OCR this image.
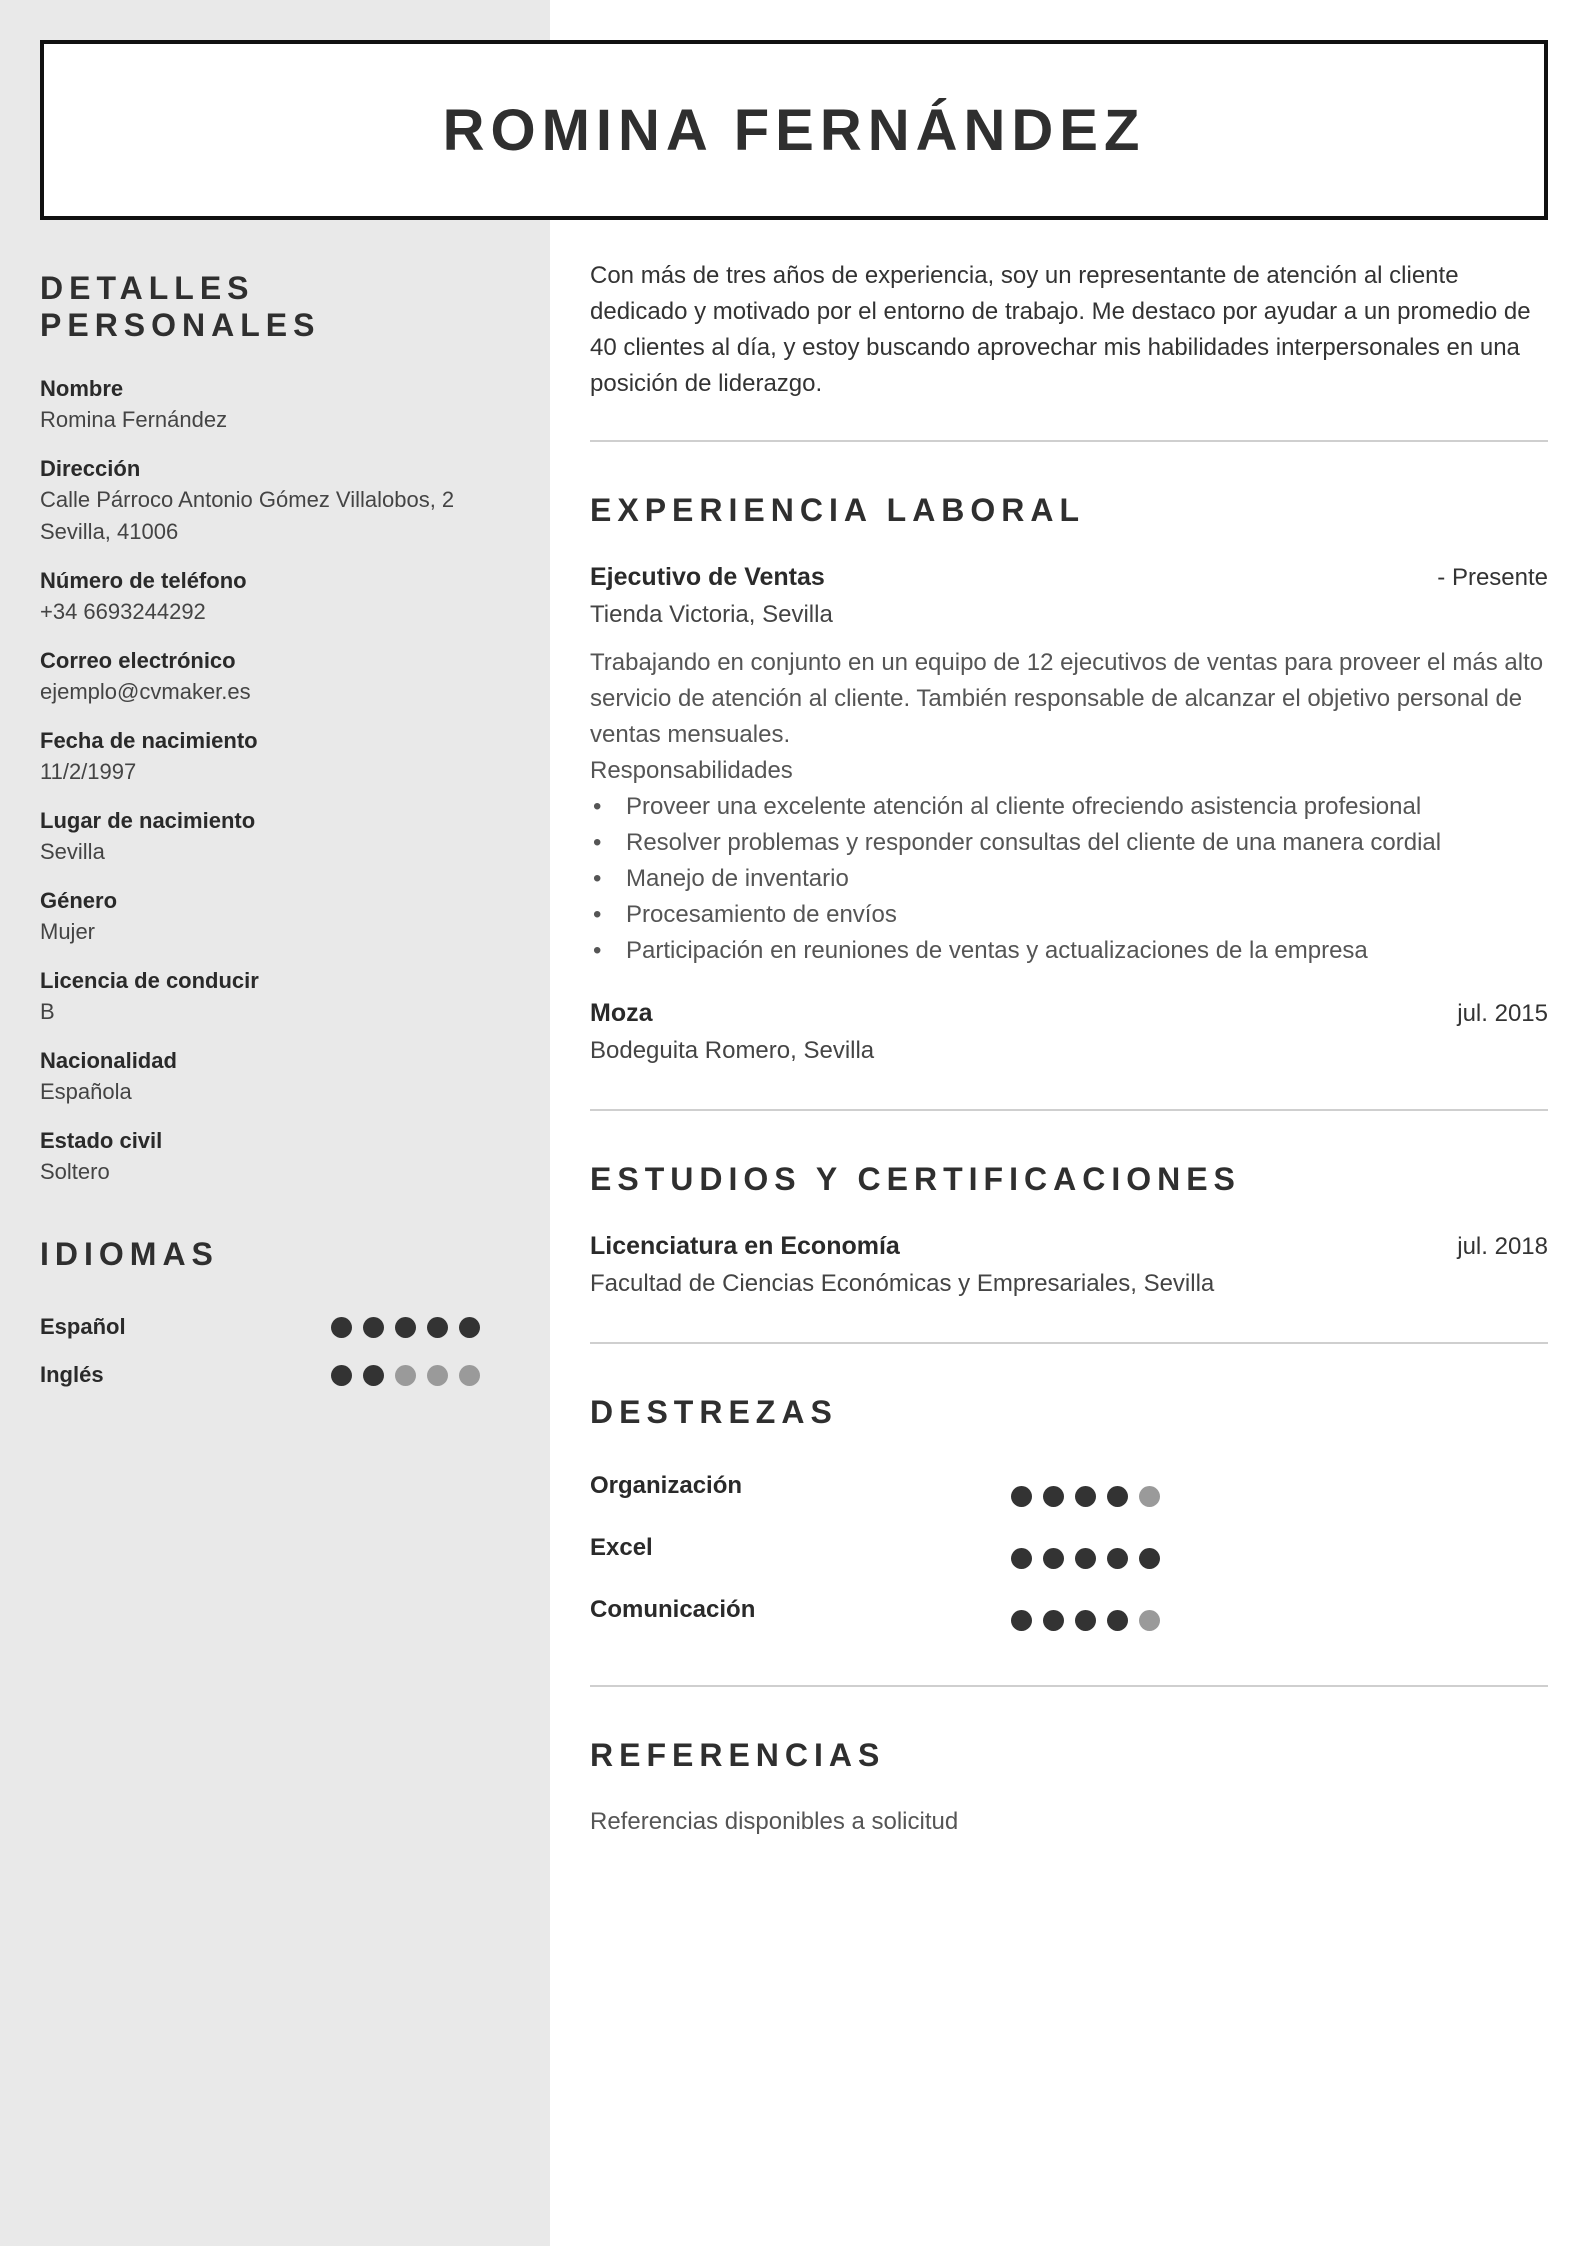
ROMINA FERNÁNDEZ
DETALLES PERSONALES
Nombre
Romina Fernández
Dirección
Calle Párroco Antonio Gómez Villalobos, 2
Sevilla, 41006
Número de teléfono
+34 6693244292
Correo electrónico
ejemplo@cvmaker.es
Fecha de nacimiento
11/2/1997
Lugar de nacimiento
Sevilla
Género
Mujer
Licencia de conducir
B
Nacionalidad
Española
Estado civil
Soltero
IDIOMAS
Español
Inglés

Con más de tres años de experiencia, soy un representante de atención al cliente dedicado y motivado por el entorno de trabajo. Me destaco por ayudar a un promedio de 40 clientes al día, y estoy buscando aprovechar mis habilidades interpersonales en una posición de liderazgo.

EXPERIENCIA LABORAL
Ejecutivo de Ventas	- Presente
Tienda Victoria, Sevilla
Trabajando en conjunto en un equipo de 12 ejecutivos de ventas para proveer el más alto servicio de atención al cliente. También responsable de alcanzar el objetivo personal de ventas mensuales.
Responsabilidades
• Proveer una excelente atención al cliente ofreciendo asistencia profesional
• Resolver problemas y responder consultas del cliente de una manera cordial
• Manejo de inventario
• Procesamiento de envíos
• Participación en reuniones de ventas y actualizaciones de la empresa
Moza	jul. 2015
Bodeguita Romero, Sevilla
ESTUDIOS Y CERTIFICACIONES
Licenciatura en Economía	jul. 2018
Facultad de Ciencias Económicas y Empresariales, Sevilla
DESTREZAS
Organización
Excel
Comunicación
REFERENCIAS

Referencias disponibles a solicitud
